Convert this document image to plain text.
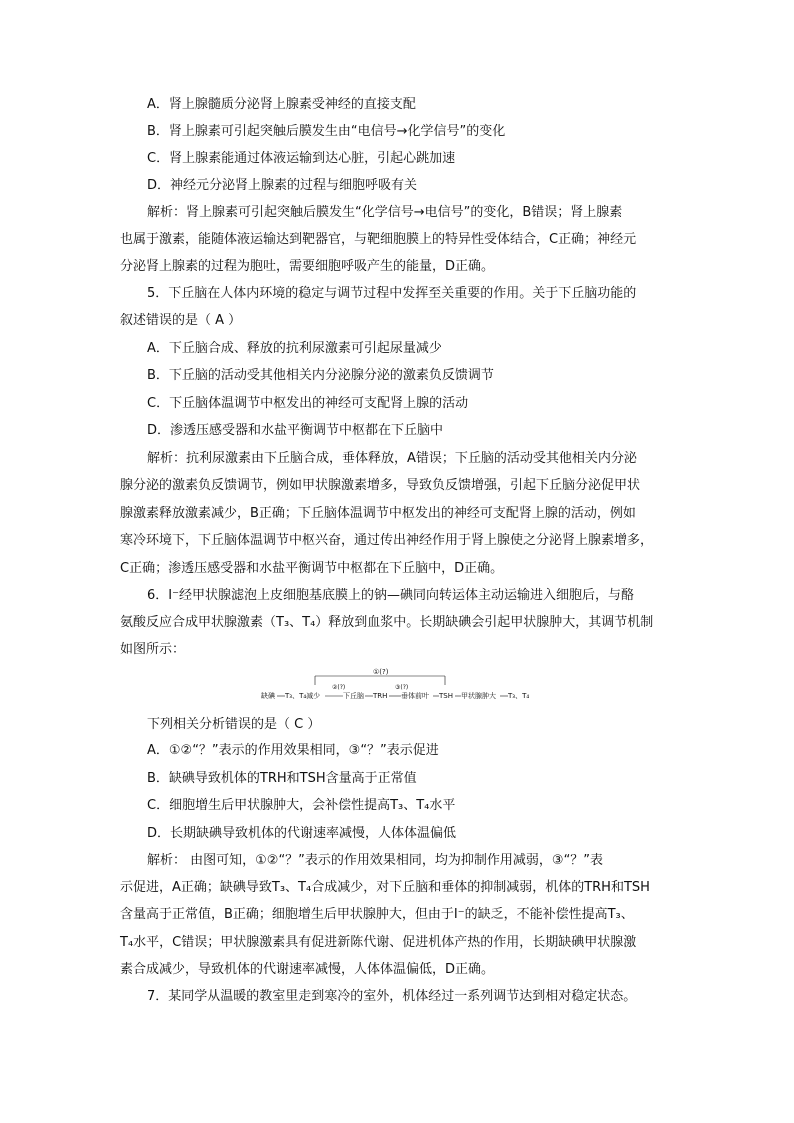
A．肾上腺髓质分泌肾上腺素受神经的直接支配
B．肾上腺素可引起突触后膜发生由“电信号→化学信号”的变化
C．肾上腺素能通过体液运输到达心脏，引起心跳加速
D．神经元分泌肾上腺素的过程与细胞呼吸有关
解析：肾上腺素可引起突触后膜发生“化学信号→电信号”的变化，B错误；肾上腺素
也属于激素，能随体液运输达到靶器官，与靶细胞膜上的特异性受体结合，C正确；神经元
分泌肾上腺素的过程为胞吐，需要细胞呼吸产生的能量，D正确。
5．下丘脑在人体内环境的稳定与调节过程中发挥至关重要的作用。关于下丘脑功能的
叙述错误的是（ A ）
A．下丘脑合成、释放的抗利尿激素可引起尿量减少
B．下丘脑的活动受其他相关内分泌腺分泌的激素负反馈调节
C．下丘脑体温调节中枢发出的神经可支配肾上腺的活动
D．渗透压感受器和水盐平衡调节中枢都在下丘脑中
解析：抗利尿激素由下丘脑合成，垂体释放，A错误；下丘脑的活动受其他相关内分泌
腺分泌的激素负反馈调节，例如甲状腺激素增多，导致负反馈增强，引起下丘脑分泌促甲状
腺激素释放激素减少，B正确；下丘脑体温调节中枢发出的神经可支配肾上腺的活动，例如
寒冷环境下，下丘脑体温调节中枢兴奋，通过传出神经作用于肾上腺使之分泌肾上腺素增多，
C正确；渗透压感受器和水盐平衡调节中枢都在下丘脑中，D正确。
6．I⁻经甲状腺滤泡上皮细胞基底膜上的钠—碘同向转运体主动运输进入细胞后，与酪
氨酸反应合成甲状腺激素（T₃、T₄）释放到血浆中。长期缺碘会引起甲状腺肿大，其调节机制
如图所示：
①(?)
②(?)	③(?)
缺碘 T₃、T₄减少	下丘脑 TRH 垂体前叶 TSH 甲状腺肿大 T₃、T₄
下列相关分析错误的是（ C ）
A．①②“？”表示的作用效果相同，③“？”表示促进
B．缺碘导致机体的TRH和TSH含量高于正常值
C．细胞增生后甲状腺肿大，会补偿性提高T₃、T₄水平
D．长期缺碘导致机体的代谢速率减慢，人体体温偏低
解析： 由图可知，①②“？”表示的作用效果相同，均为抑制作用减弱，③“？”表
示促进，A正确；缺碘导致T₃、T₄合成减少，对下丘脑和垂体的抑制减弱，机体的TRH和TSH
含量高于正常值，B正确；细胞增生后甲状腺肿大，但由于I⁻的缺乏，不能补偿性提高T₃、
T₄水平，C错误；甲状腺激素具有促进新陈代谢、促进机体产热的作用，长期缺碘甲状腺激
素合成减少，导致机体的代谢速率减慢，人体体温偏低，D正确。
7．某同学从温暖的教室里走到寒冷的室外，机体经过一系列调节达到相对稳定状态。
